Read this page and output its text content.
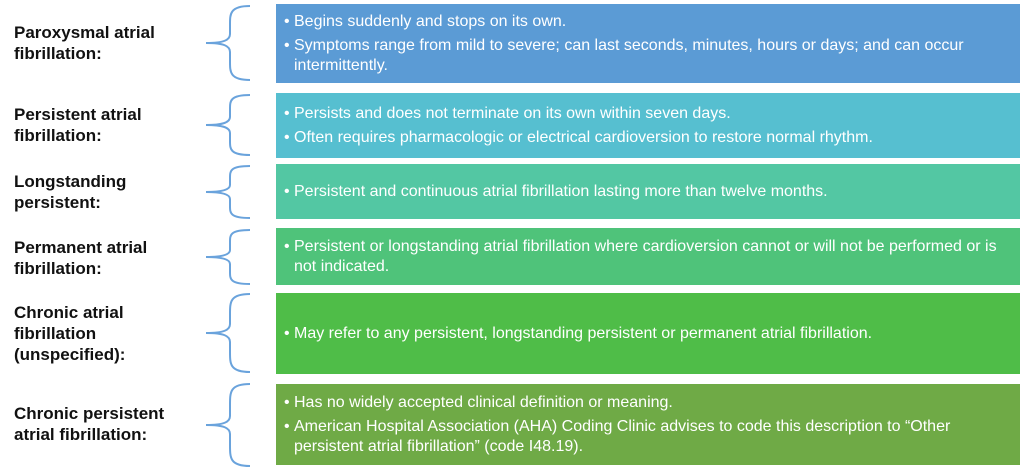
Paroxysmal atrial fibrillation:
• Begins suddenly and stops on its own.
• Symptoms range from mild to severe; can last seconds, minutes, hours or days; and can occur intermittently.
Persistent atrial fibrillation:
• Persists and does not terminate on its own within seven days.
• Often requires pharmacologic or electrical cardioversion to restore normal rhythm.
Longstanding persistent:
• Persistent and continuous atrial fibrillation lasting more than twelve months.
Permanent atrial fibrillation:
• Persistent or longstanding atrial fibrillation where cardioversion cannot or will not be performed or is not indicated.
Chronic atrial fibrillation (unspecified):
• May refer to any persistent, longstanding persistent or permanent atrial fibrillation.
Chronic persistent atrial fibrillation:
• Has no widely accepted clinical definition or meaning.
• American Hospital Association (AHA) Coding Clinic advises to code this description to “Other persistent atrial fibrillation” (code I48.19).
